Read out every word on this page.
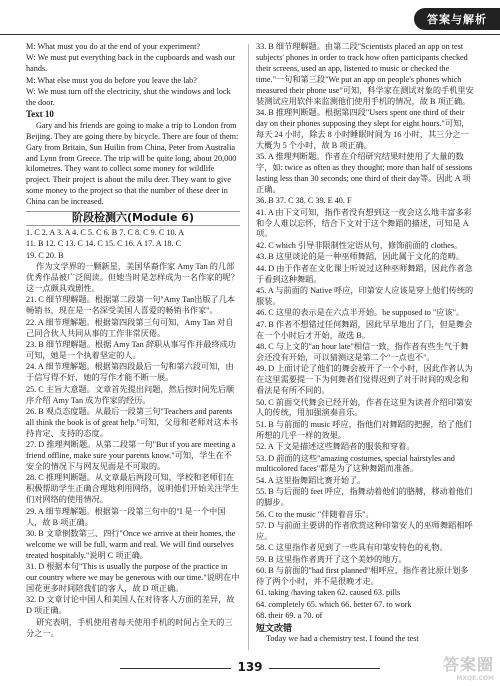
答案与解析

M: What must you do at the end of your experiment?

W: We must put everything back in the cupboards and wash our hands.

M: What else must you do before you leave the lab?

W: We must turn off the electricity, shut the windows and lock the door.

Text 10

Gary and his friends are going to make a trip to London from Beijing. They are going there by bicycle. There are four of them: Gary from Britain, Sun Huilin from China, Peter from Australia and Lynn from Greece. The trip will be quite long, about 20,000 kilometres. They want to collect some money for wildlife project. Their project is about the milu deer. They want to give some money to the project so that the number of these deer in China can be increased.

阶段检测六(Module 6)

1. C 2. A 3. A 4. C 5. C 6. B 7. C 8. C 9. C 10. A

11. B 12. C 13. C 14. C 15. C 16. A 17. A 18. C

19. C 20. B

作为文学界的一颗新星，美国华裔作家 Amy Tan 的几部优秀作品被广泛阅读。但她当时是怎样成为一名作家的呢？这一点颇具戏剧性。

21. C 细节理解题。根据第二段第一句"Amy Tan出版了几本畅销书，现在是一名深受美国人喜爱的畅销书作家"。

22. A 细节理解题。根据第四段第三句可知，Amy Tan 对自己同合伙人共同从事的工作非常厌倦。

23. B 细节理解题。根据 Amy Tan 辞职从事写作并最终成功可知，她是一个执着坚定的人。

24. A 细节理解题。根据第四段最后一句和第六段可知，由于信写得不好，她的写作才能不断一展。

25. C 主旨大意题。文章首先提出问题，然后按时间先后顺序介绍 Amy Tan 成为作家的经历。

26. B 观点态度题。从最后一段第三句"Teachers and parents all think the book is of great help."可知，父母和老师对这本书持肯定、支持的态度。

27. D 推理判断题。从第二段第一句"But if you are meeting a friend offline, make sure your parents know."可知，学生在不安全的情况下与网友见面是不可取的。

28. C 推理判断题。从文章最后两段可知，学校和老师们在积极帮助学生正确合理地利用网络，说明他们开始关注学生们对网络的使用情况。

29. A 细节理解题。根据第一段第三句中的"I 是一个中国人，故 B 项正确。

30. B 文章倒数第三、四行"Once we arrive at their homes, the welcome we will be full, warm and real. We will find ourselves treated hospitably."说明 C 项正确。

31. D 根据本句"This is usually the purpose of the practice in our country where we may be generous with our time."说明在中国花更多时间陪我们的客人，故 D 项正确。

32. D 文章讨论中国人和美国人在对待客人方面的差异，故 D 项正确。

研究表明，手机使用者每天使用手机的时间占全天的三分之一。

33. B 细节理解题。由第二段"Scientists placed an app on test subjects' phones in order to track how often participants checked their screens, used an app, listened to music or checked the time."一句和第三段"We put an app on people's phones which measured their phone use"可知，科学家在测试对象的手机里安装测试应用软件来监测他们使用手机的情况，故 B 项正确。

34. B 推理判断题。根据第四段"Users spent one third of their day on their phones supposing they slept for eight hours."可知，每天 24 小时，除去 8 小时睡眠时间为 16 小时，其三分之一大概为 5 个小时，故 B 项正确。

35. A 推理判断题。作者在介绍研究结果时使用了大量的数字，如: twice as often as they thought; more than half of sessions lasting less than 30 seconds; one third of their day等。因此 A 项正确。

36. B 37. C 38. C 39. E 40. F

41. A 由下文可知，指作者没有想到这一夜会这么地丰富多彩和令人难以忘怀，结合下文对于这个舞蹈的描述，可知是 A 项。

42. C which 引导非限制性定语从句，修饰前面的 clothes。

43. B 这里谈论的是一种巫师舞蹈，因此属于文化的范畴。

44. D 由于作者在文化课上听说过这种巫师舞蹈，因此作者急于看到这种舞蹈。

45. A 与前面的 Native 呼应，印第安人应该是穿上他们传统的服装。

46. C 这里的表示是在六点半开始。be supposed to "应该"。

47. B 作者不想错过任何舞蹈，因此早早地出了门，但是舞会在一个小时后才开始，故选 B。

48. C 与上文的"an hour late"相信一致，指作者有些生气于舞会还没有开始，可以猜测这是第二个"一点也不"。

49. D 上面讨论了他们的舞会被开了一个小时，因此作者认为在这里需要提一下为何舞者们觉得迟到了对于时间的观念和看法是有所不同的。

50. C 前面交代舞会已经开始，作者在这里为读者介绍印第安人的传统，用加强演奏音乐。

51. B 与前面的 music 呼应，指他们对舞蹈的把握，给了他们所想的几乎一样的效果。

52. A 下文是描述这些舞蹈者的服装和穿着。

53. D 前面的这些"amazing costumes, special hairstyles and multicolored faces"都是为了这种舞蹈而准备。

54. A 这里指舞蹈比赛开始了。

55. B 与后面的 feet 呼应，指舞动着他们的胳膊，移动着他们的脚步。

56. C to the music "伴随着音乐"。

57. D 与前面主要讲的作者欣赏这种印第安人的巫师舞蹈相呼应。

58. C 这里指作者见到了一些具有印第安特色的礼物。

59. B 这里指作者离开了这个美妙的地方。

60. B 与前面的"had first planned"相呼应，指作者比原计划多待了两个小时，并不是很晚才走。

61. taking /having taken 62. caused 63. pills

64. completely 65. which 66. better 67. to work

68. their 69. a 70. of

短文改错

Today we had a chemistry test. I found the test

139	答案圈
MXQE.COM
